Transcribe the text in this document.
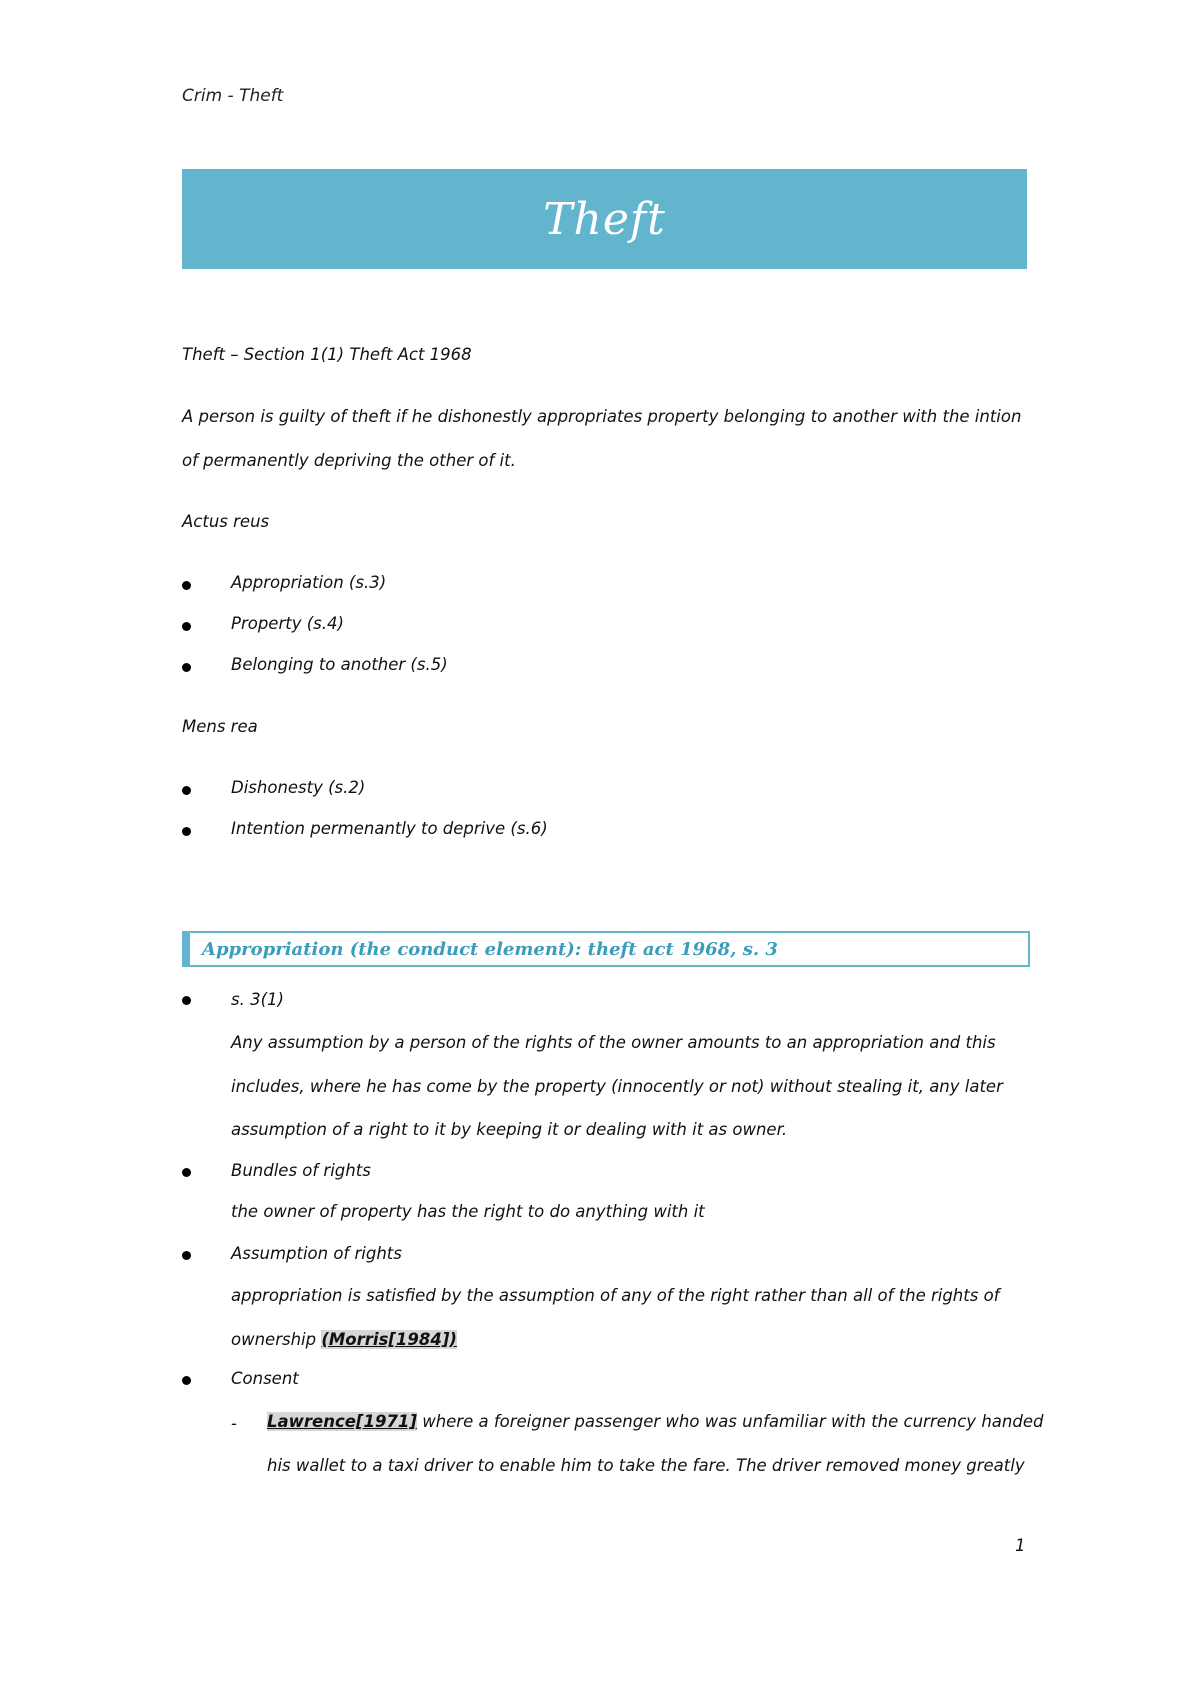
Crim - Theft
Theft
Theft – Section 1(1) Theft Act 1968
A person is guilty of theft if he dishonestly appropriates property belonging to another with the intion
of permanently depriving the other of it.
Actus reus
Appropriation (s.3)
Property (s.4)
Belonging to another (s.5)
Mens rea
Dishonesty (s.2)
Intention permenantly to deprive (s.6)
Appropriation (the conduct element): theft act 1968, s. 3
s. 3(1)
Any assumption by a person of the rights of the owner amounts to an appropriation and this
includes, where he has come by the property (innocently or not) without stealing it, any later
assumption of a right to it by keeping it or dealing with it as owner.
Bundles of rights
the owner of property has the right to do anything with it
Assumption of rights
appropriation is satisfied by the assumption of any of the right rather than all of the rights of
ownership (Morris[1984])
Consent
- Lawrence[1971] where a foreigner passenger who was unfamiliar with the currency handed
his wallet to a taxi driver to enable him to take the fare. The driver removed money greatly
1
